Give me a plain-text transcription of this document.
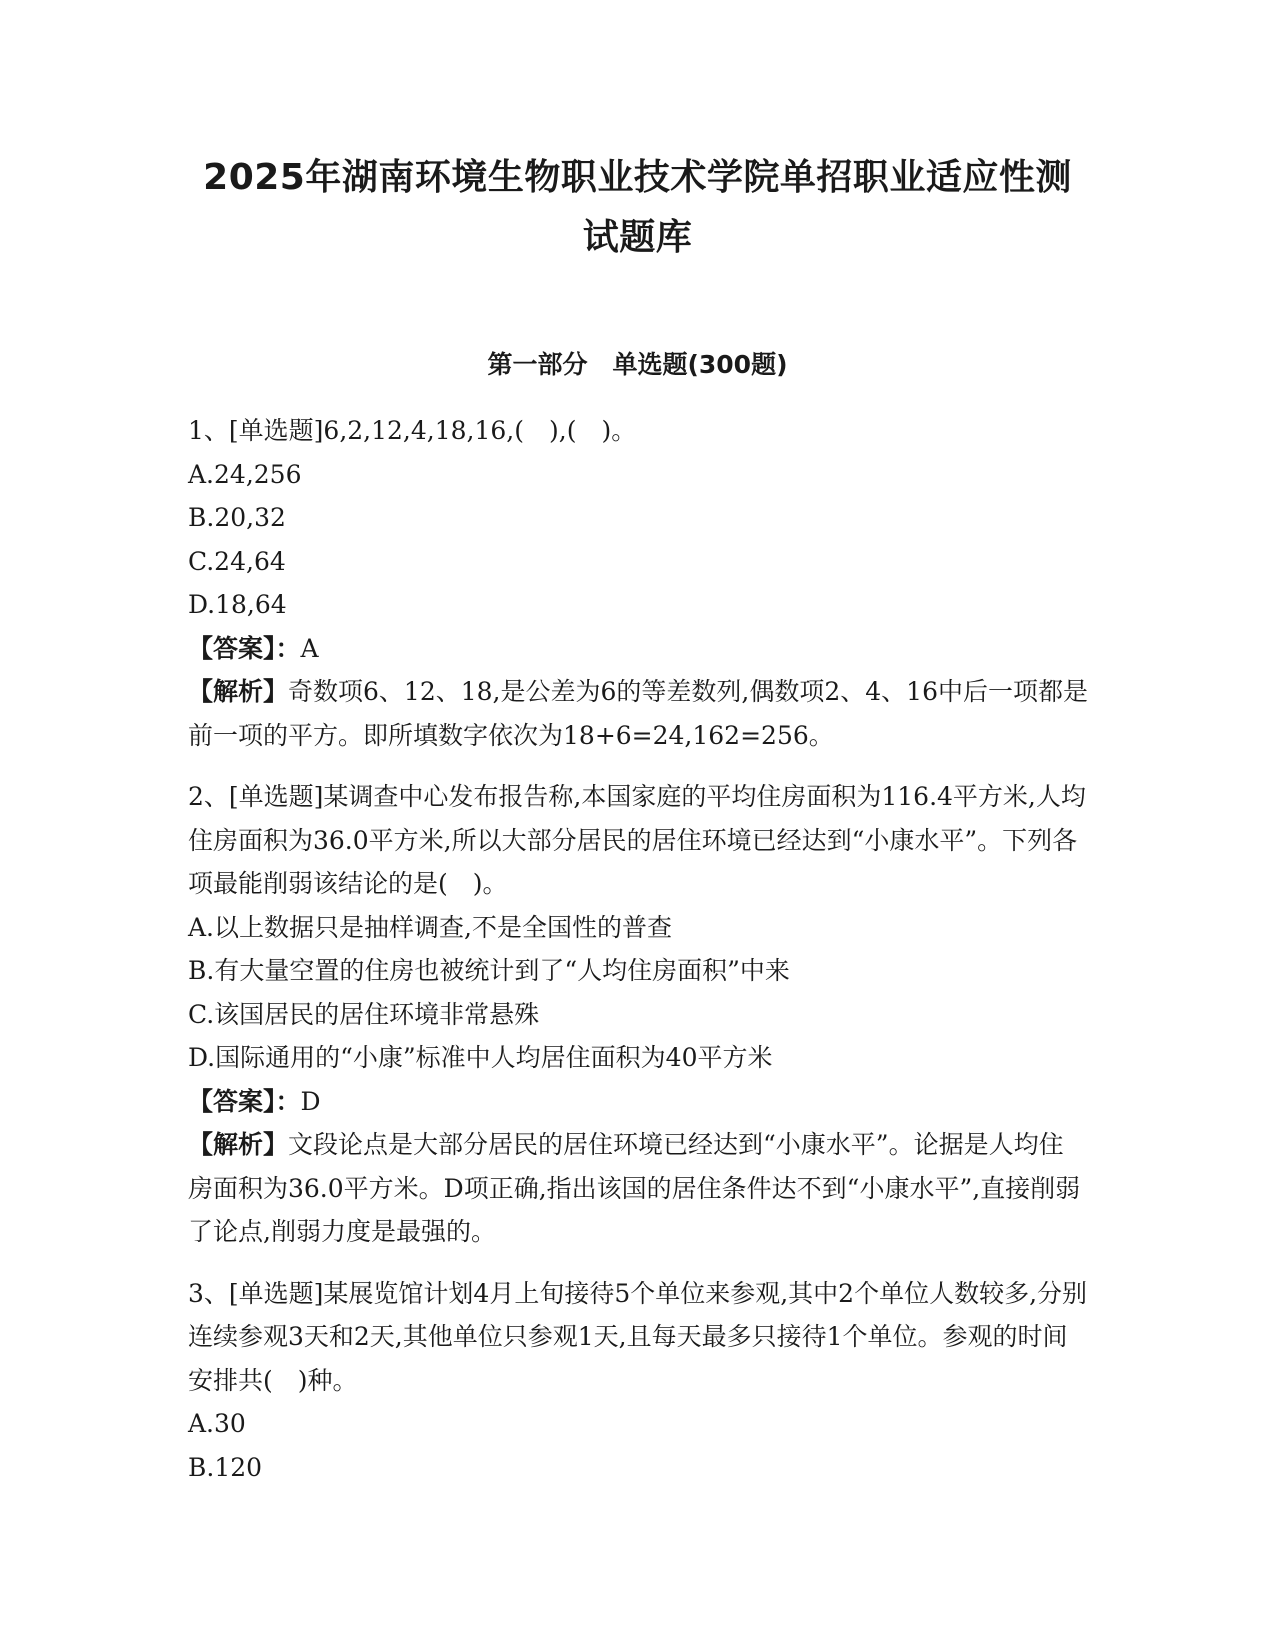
2025年湖南环境生物职业技术学院单招职业适应性测试题库
第一部分　单选题(300题)

1、[单选题]6,2,12,4,18,16,(　),(　)。

A.24,256

B.20,32

C.24,64

D.18,64

【答案】：A

【解析】奇数项6、12、18,是公差为6的等差数列,偶数项2、4、16中后一项都是前一项的平方。即所填数字依次为18+6=24,162=256。

2、[单选题]某调查中心发布报告称,本国家庭的平均住房面积为116.4平方米,人均住房面积为36.0平方米,所以大部分居民的居住环境已经达到“小康水平”。下列各项最能削弱该结论的是(　)。

A.以上数据只是抽样调查,不是全国性的普查

B.有大量空置的住房也被统计到了“人均住房面积”中来

C.该国居民的居住环境非常悬殊

D.国际通用的“小康”标准中人均居住面积为40平方米

【答案】：D

【解析】文段论点是大部分居民的居住环境已经达到“小康水平”。论据是人均住房面积为36.0平方米。D项正确,指出该国的居住条件达不到“小康水平”,直接削弱了论点,削弱力度是最强的。

3、[单选题]某展览馆计划4月上旬接待5个单位来参观,其中2个单位人数较多,分别连续参观3天和2天,其他单位只参观1天,且每天最多只接待1个单位。参观的时间安排共(　)种。

A.30

B.120
